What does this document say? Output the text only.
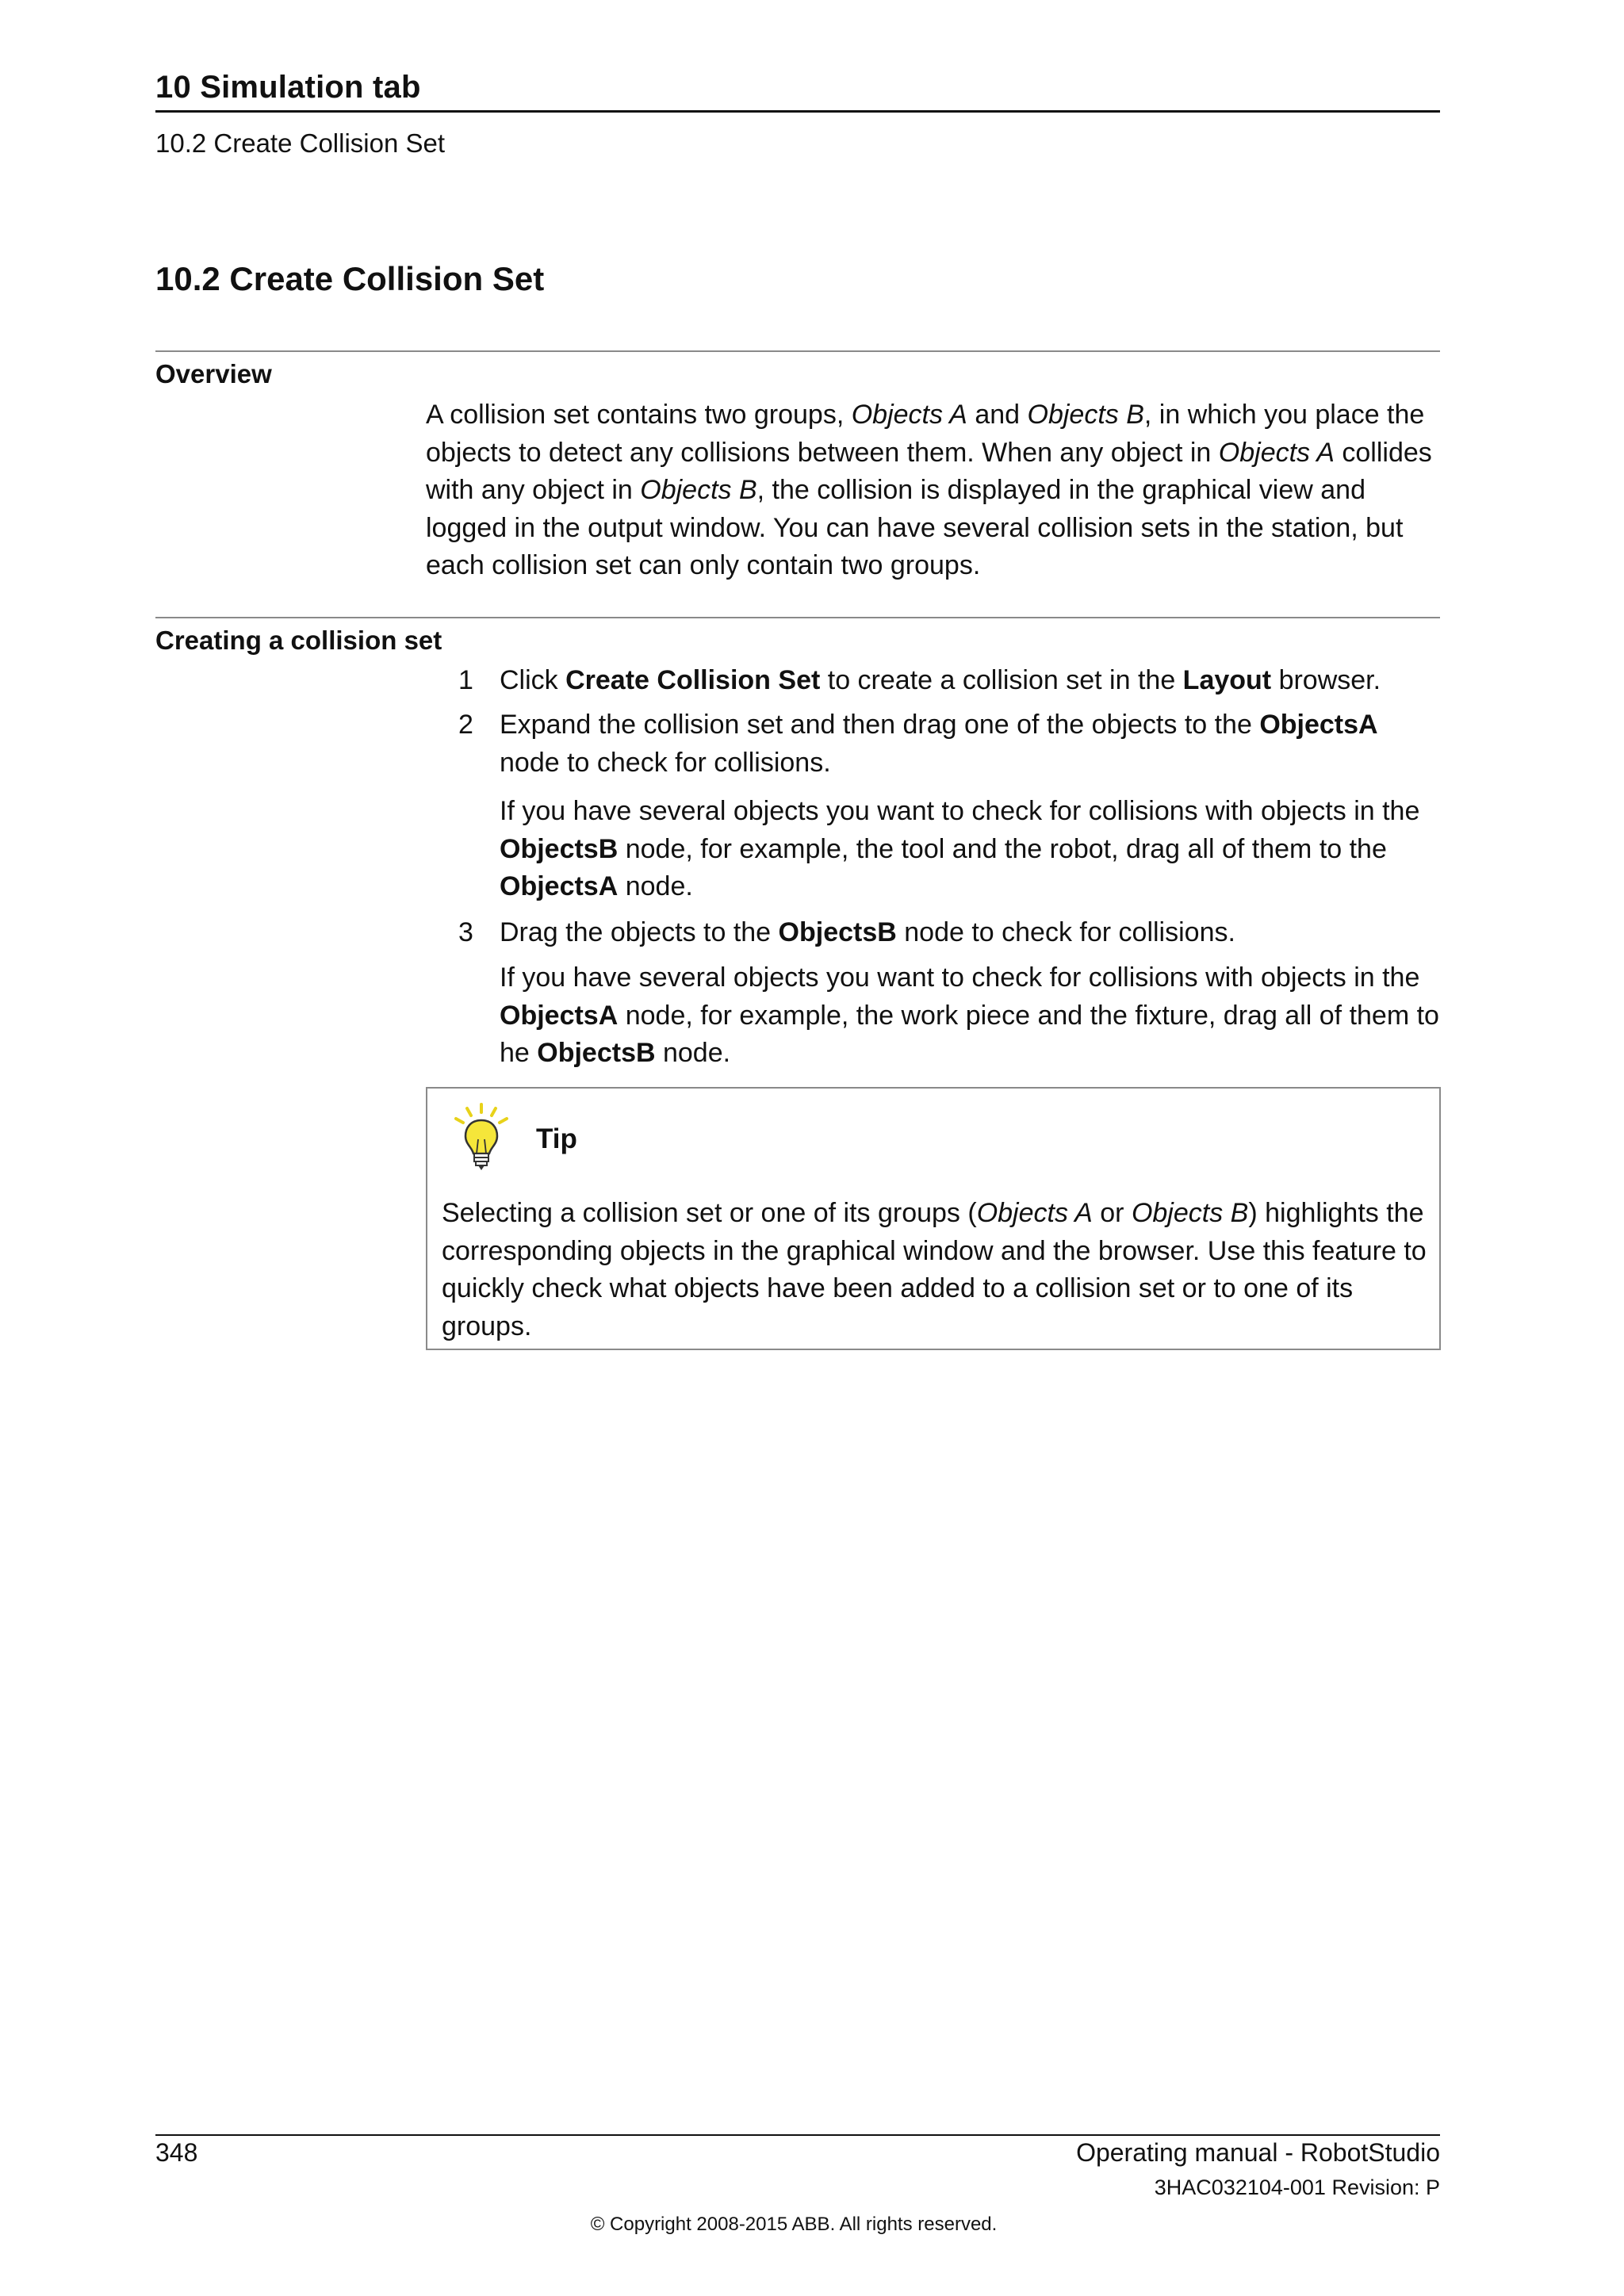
10 Simulation tab
10.2 Create Collision Set
10.2 Create Collision Set
Overview
A collision set contains two groups, Objects A and Objects B, in which you place the objects to detect any collisions between them. When any object in Objects A collides with any object in Objects B, the collision is displayed in the graphical view and logged in the output window. You can have several collision sets in the station, but each collision set can only contain two groups.
Creating a collision set
1 Click Create Collision Set to create a collision set in the Layout browser.
2 Expand the collision set and then drag one of the objects to the ObjectsA node to check for collisions.
If you have several objects you want to check for collisions with objects in the ObjectsB node, for example, the tool and the robot, drag all of them to the ObjectsA node.
3 Drag the objects to the ObjectsB node to check for collisions.
If you have several objects you want to check for collisions with objects in the ObjectsA node, for example, the work piece and the fixture, drag all of them to he ObjectsB node.
Tip
Selecting a collision set or one of its groups (Objects A or Objects B) highlights the corresponding objects in the graphical window and the browser. Use this feature to quickly check what objects have been added to a collision set or to one of its groups.
348	Operating manual - RobotStudio
3HAC032104-001 Revision: P
© Copyright 2008-2015 ABB. All rights reserved.
